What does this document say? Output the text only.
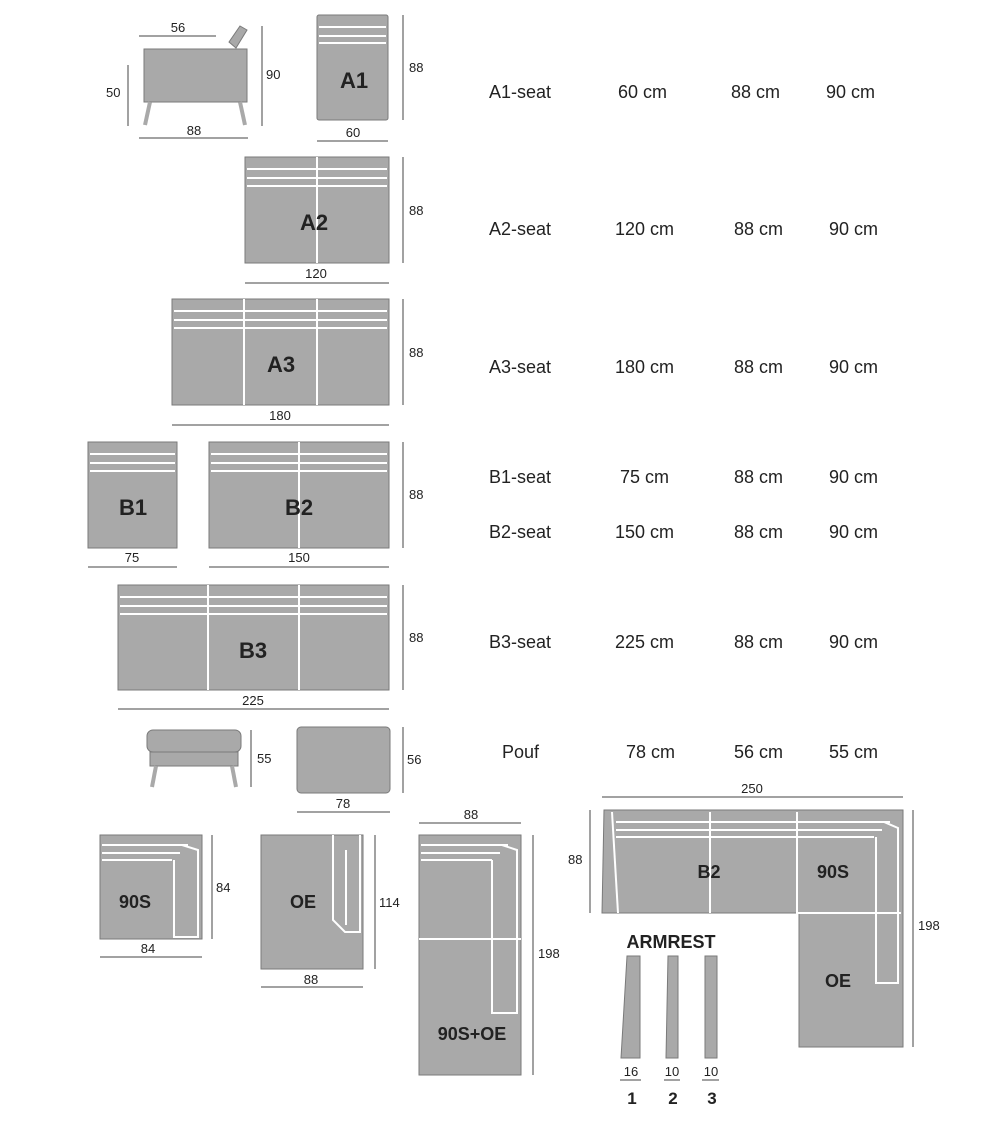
56
90
50
88
A1
60
88
A2
120
88
A3
180
88
B1
75
B2
150
88
B3
225
88
55	56
78
90S
84
84
OE	114
88
88
90S+OE
198
250
88
B2	90S
OE
198
ARMREST
16 10 10
1 2 3
A1-seat	60 cm	88 cm	90 cm
A2-seat	120 cm	88 cm	90 cm
A3-seat	180 cm	88 cm	90 cm
B1-seat	75 cm	88 cm	90 cm
B2-seat	150 cm	88 cm	90 cm
B3-seat	225 cm	88 cm	90 cm
Pouf	78 cm	56 cm	55 cm
